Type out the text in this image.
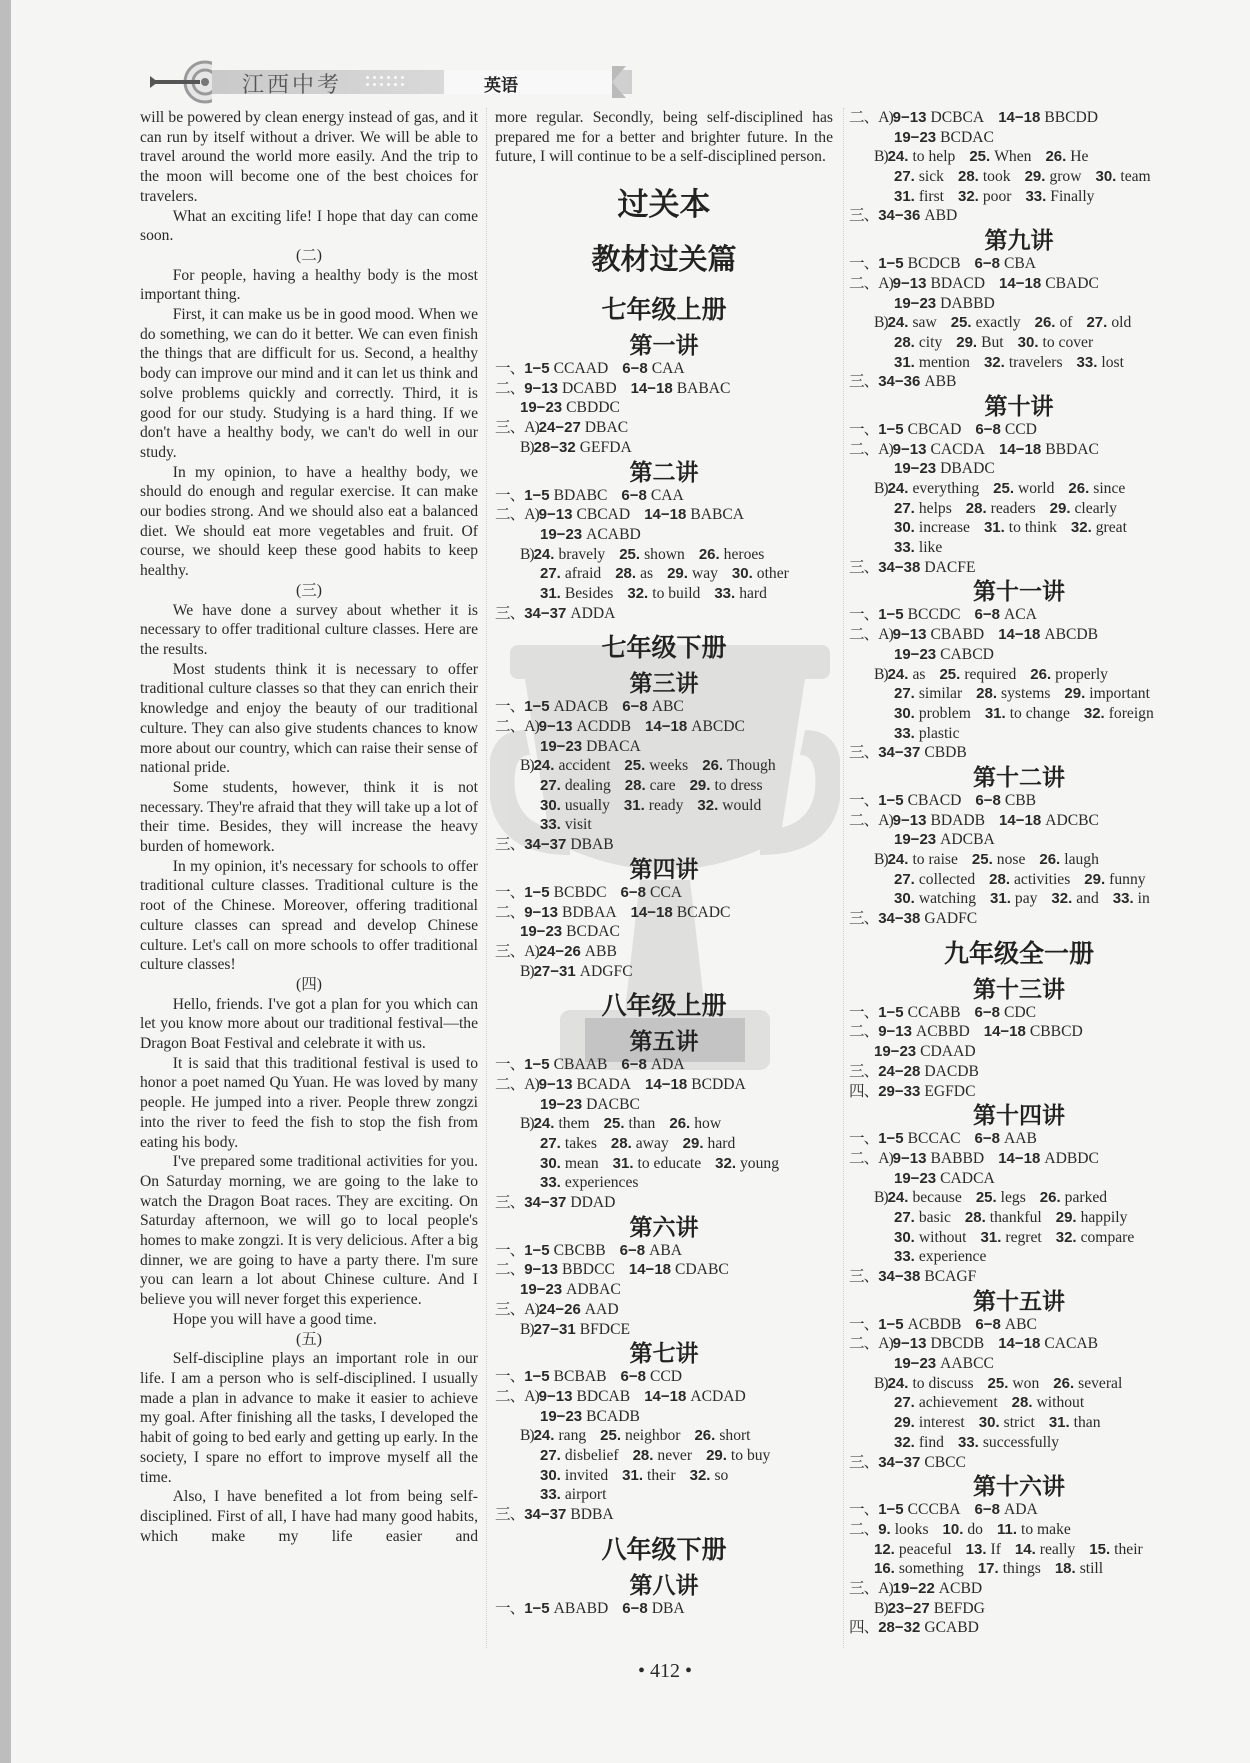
江西中考	英语

will be powered by clean energy instead of gas, and it can run by itself without a driver. We will be able to travel around the world more easily. And the trip to the moon will become one of the best choices for travelers.

What an exciting life! I hope that day can come soon.

(二)

For people, having a healthy body is the most important thing.

First, it can make us be in good mood. When we do something, we can do it better. We can even finish the things that are difficult for us. Second, a healthy body can improve our mind and it can let us think and solve problems quickly and correctly. Third, it is good for our study. Studying is a hard thing. If we don't have a healthy body, we can't do well in our study.

In my opinion, to have a healthy body, we should do enough and regular exercise. It can make our bodies strong. And we should also eat a balanced diet. We should eat more vegetables and fruit. Of course, we should keep these good habits to keep healthy.

(三)

We have done a survey about whether it is necessary to offer traditional culture classes. Here are the results.

Most students think it is necessary to offer traditional culture classes so that they can enrich their knowledge and enjoy the beauty of our traditional culture. They can also give students chances to know more about our country, which can raise their sense of national pride.

Some students, however, think it is not necessary. They're afraid that they will take up a lot of their time. Besides, they will increase the heavy burden of homework.

In my opinion, it's necessary for schools to offer traditional culture classes. Traditional culture is the root of the Chinese. Moreover, offering traditional culture classes can spread and develop Chinese culture. Let's call on more schools to offer traditional culture classes!

(四)

Hello, friends. I've got a plan for you which can let you know more about our traditional festival—the Dragon Boat Festival and celebrate it with us.

It is said that this traditional festival is used to honor a poet named Qu Yuan. He was loved by many people. He jumped into a river. People threw zongzi into the river to feed the fish to stop the fish from eating his body.

I've prepared some traditional activities for you. On Saturday morning, we are going to the lake to watch the Dragon Boat races. They are exciting. On Saturday afternoon, we will go to local people's homes to make zongzi. It is very delicious. After a big dinner, we are going to have a party there. I'm sure you can learn a lot about Chinese culture. And I believe you will never forget this experience.

Hope you will have a good time.

(五)

Self-discipline plays an important role in our life. I am a person who is self-disciplined. I usually made a plan in advance to make it easier to achieve my goal. After finishing all the tasks, I developed the habit of going to bed early and getting up early. In the society, I spare no effort to improve myself all the time.

Also, I have benefited a lot from being self-disciplined. First of all, I have had many good habits, which make my life easier and

more regular. Secondly, being self-disciplined has prepared me for a better and brighter future. In the future, I will continue to be a self-disciplined person.

过关本
教材过关篇
七年级上册
第一讲
一、1−5 CCAAD 6−8 CAA
二、9−13 DCABD 14−18 BABAC
19−23 CBDDC
三、A)24−27 DBAC
B)28−32 GEFDA
第二讲
一、1−5 BDABC 6−8 CAA
二、A)9−13 CBCAD 14−18 BABCA
19−23 ACABD
B)24. bravely 25. shown 26. heroes
27. afraid 28. as 29. way 30. other
31. Besides 32. to build 33. hard
三、34−37 ADDA
七年级下册
第三讲
一、1−5 ADACB 6−8 ABC
二、A)9−13 ACDDB 14−18 ABCDC
19−23 DBACA
B)24. accident 25. weeks 26. Though
27. dealing 28. care 29. to dress
30. usually 31. ready 32. would
33. visit
三、34−37 DBAB
第四讲
一、1−5 BCBDC 6−8 CCA
二、9−13 BDBAA 14−18 BCADC
19−23 BCDAC
三、A)24−26 ABB
B)27−31 ADGFC
八年级上册
第五讲
一、1−5 CBAAB 6−8 ADA
二、A)9−13 BCADA 14−18 BCDDA
19−23 DACBC
B)24. them 25. than 26. how
27. takes 28. away 29. hard
30. mean 31. to educate 32. young
33. experiences
三、34−37 DDAD
第六讲
一、1−5 CBCBB 6−8 ABA
二、9−13 BBDCC 14−18 CDABC
19−23 ADBAC
三、A)24−26 AAD
B)27−31 BFDCE
第七讲
一、1−5 BCBAB 6−8 CCD
二、A)9−13 BDCAB 14−18 ACDAD
19−23 BCADB
B)24. rang 25. neighbor 26. short
27. disbelief 28. never 29. to buy
30. invited 31. their 32. so
33. airport
三、34−37 BDBA
八年级下册
第八讲
一、1−5 ABABD 6−8 DBA
二、A)9−13 DCBCA 14−18 BBCDD
19−23 BCDAC
B)24. to help 25. When 26. He
27. sick 28. took 29. grow 30. team
31. first 32. poor 33. Finally
三、34−36 ABD
第九讲
一、1−5 BCDCB 6−8 CBA
二、A)9−13 BDACD 14−18 CBADC
19−23 DABBD
B)24. saw 25. exactly 26. of 27. old
28. city 29. But 30. to cover
31. mention 32. travelers 33. lost
三、34−36 ABB
第十讲
一、1−5 CBCAD 6−8 CCD
二、A)9−13 CACDA 14−18 BBDAC
19−23 DBADC
B)24. everything 25. world 26. since
27. helps 28. readers 29. clearly
30. increase 31. to think 32. great
33. like
三、34−38 DACFE
第十一讲
一、1−5 BCCDC 6−8 ACA
二、A)9−13 CBABD 14−18 ABCDB
19−23 CABCD
B)24. as 25. required 26. properly
27. similar 28. systems 29. important
30. problem 31. to change 32. foreign
33. plastic
三、34−37 CBDB
第十二讲
一、1−5 CBACD 6−8 CBB
二、A)9−13 BDADB 14−18 ADCBC
19−23 ADCBA
B)24. to raise 25. nose 26. laugh
27. collected 28. activities 29. funny
30. watching 31. pay 32. and 33. in
三、34−38 GADFC
九年级全一册
第十三讲
一、1−5 CCABB 6−8 CDC
二、9−13 ACBBD 14−18 CBBCD
19−23 CDAAD
三、24−28 DACDB
四、29−33 EGFDC
第十四讲
一、1−5 BCCAC 6−8 AAB
二、A)9−13 BABBD 14−18 ADBDC
19−23 CADCA
B)24. because 25. legs 26. parked
27. basic 28. thankful 29. happily
30. without 31. regret 32. compare
33. experience
三、34−38 BCAGF
第十五讲
一、1−5 ACBDB 6−8 ABC
二、A)9−13 DBCDB 14−18 CACAB
19−23 AABCC
B)24. to discuss 25. won 26. several
27. achievement 28. without
29. interest 30. strict 31. than
32. find 33. successfully
三、34−37 CBCC
第十六讲
一、1−5 CCCBA 6−8 ADA
二、9. looks 10. do 11. to make
12. peaceful 13. If 14. really 15. their
16. something 17. things 18. still
三、A)19−22 ACBD
B)23−27 BEFDG
四、28−32 GCABD
• 412 •
